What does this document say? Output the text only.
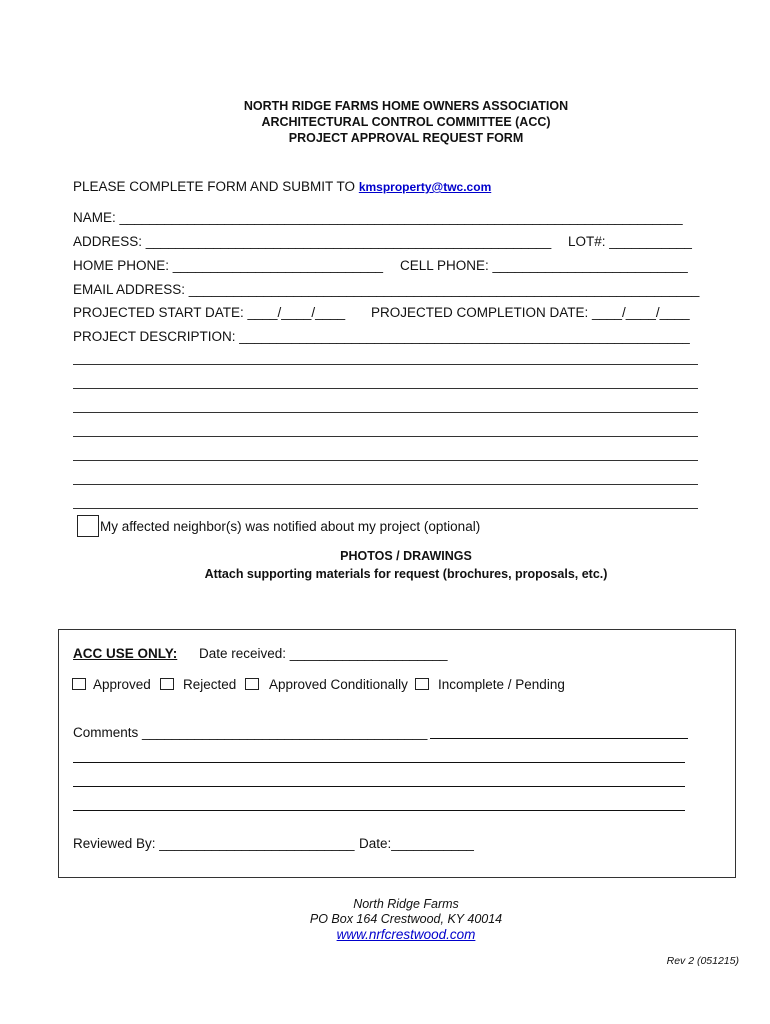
NORTH RIDGE FARMS HOME OWNERS ASSOCIATION
ARCHITECTURAL CONTROL COMMITTEE (ACC)
PROJECT APPROVAL REQUEST FORM
PLEASE COMPLETE FORM AND SUBMIT TO kmsproperty@twc.com
NAME: ___________________________________________________________________________
ADDRESS: ______________________________________________________ LOT#: ___________
HOME PHONE: ____________________________ CELL PHONE: __________________________
EMAIL ADDRESS: ____________________________________________________________________
PROJECTED START DATE: ____/____/____ PROJECTED COMPLETION DATE: ____/____/____
PROJECT DESCRIPTION: ____________________________________________________________
My affected neighbor(s) was notified about my project (optional)
PHOTOS / DRAWINGS
Attach supporting materials for request (brochures, proposals, etc.)
ACC USE ONLY: Date received: _____________________
Approved Rejected Approved Conditionally Incomplete / Pending
Comments ______________________________________
Reviewed By: __________________________ Date:___________
North Ridge Farms
PO Box 164 Crestwood, KY 40014
www.nrfcrestwood.com
Rev 2 (051215)
